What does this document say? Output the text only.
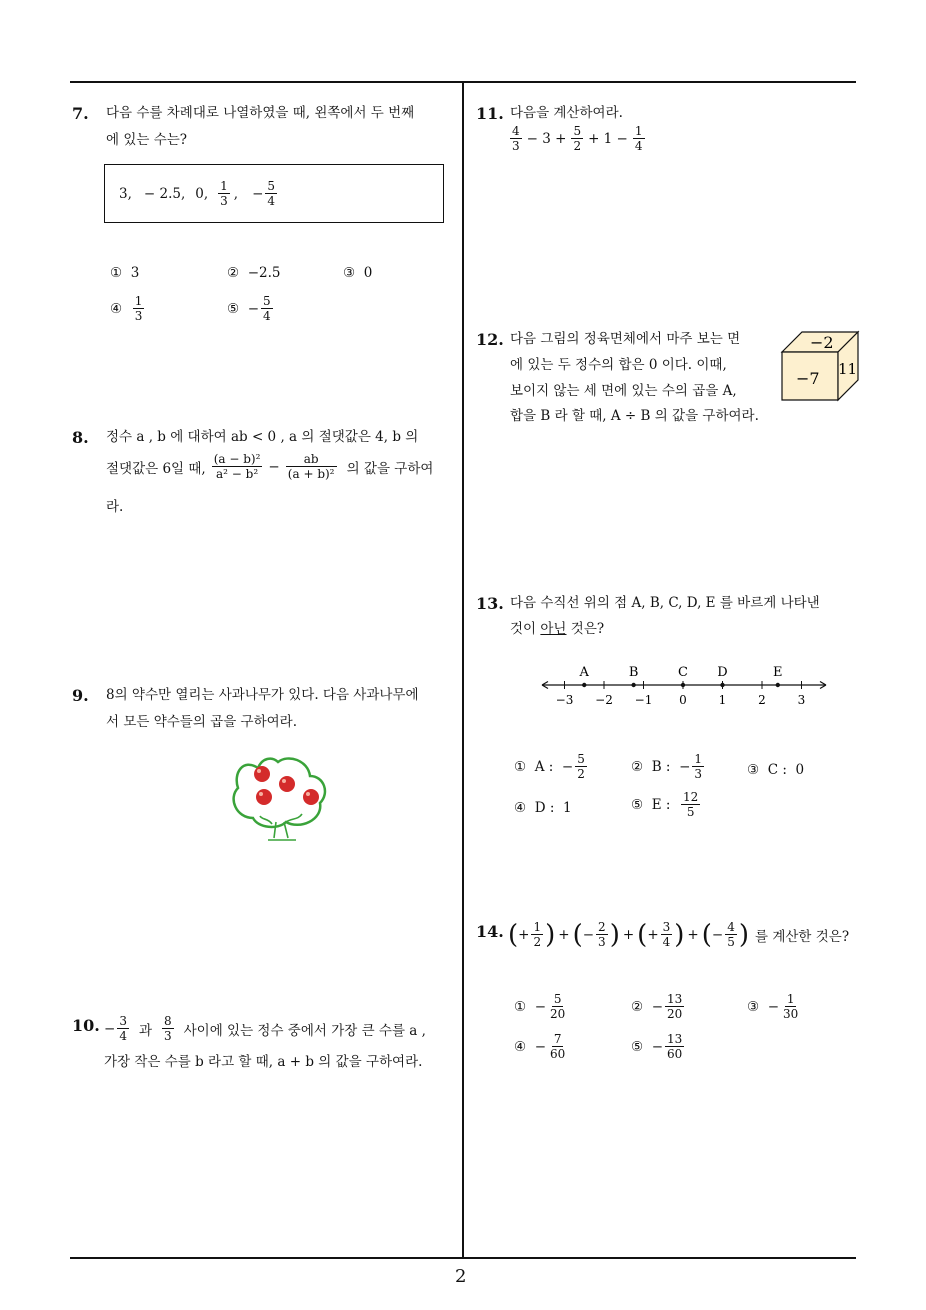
2
7. 다음 수를 차례대로 나열하였을 때, 왼쪽에서 두 번째
에 있는 수는?
3, − 2.5, 0, $\frac{1}{3}$ , − $\frac{5}{4}$
①
3	②
−2.5	③
0
④
$\frac{1}{3}$	⑤
− $\frac{5}{4}$
8. 정수 a , b 에 대하여 ab < 0 , a 의 절댓값은 4, b 의
절댓값은 6일 때, $\frac{\text{(a − b)²}}{\text{a² − b²}} - \frac{ab}{\text{(a + b)²}}$ 의 값을 구하여
라.
9. 8의 약수만 열리는 사과나무가 있다. 다음 사과나무에
서 모든 약수들의 곱을 구하여라.
10. − $\frac{3}{4}$ 과 $\frac{8}{3}$ 사이에 있는 정수 중에서 가장 큰 수를 a ,
가장 작은 수를 b 라고 할 때, a + b 의 값을 구하여라.
11. 다음을 계산하여라.
$\frac{4}{3} - 3 + \frac{5}{2} + 1 - \frac{1}{4}$
12. 다음 그림의 정육면체에서 마주 보는 면
에 있는 두 정수의 합은 0 이다. 이때,
보이지 않는 세 면에 있는 수의 곱을 A,
합을 B 라 할 때, A ÷ B 의 값을 구하여라.
−2
−7 11
13. 다음 수직선 위의 점 A, B, C, D, E 를 바르게 나타낸
것이 아닌 것은?
−3 −2 −1 0	1	2	3
A	B	C D	E
①
A :
− $\frac{5}{2}$	②
B :
− $\frac{1}{3}$	③
C :
0
④
D :
1	⑤
E :
$\frac{12}{5}$
14. ( + $\frac{1}{2}$ ) + ( − $\frac{2}{3}$ ) + ( + $\frac{3}{4}$ ) + ( − $\frac{4}{5}$ ) 를 계산한 것은?
①
− $\frac{5}{20}$	②
− $\frac{13}{20}$	③
− $\frac{1}{30}$
④
− $\frac{7}{60}$	⑤
− $\frac{13}{60}$
